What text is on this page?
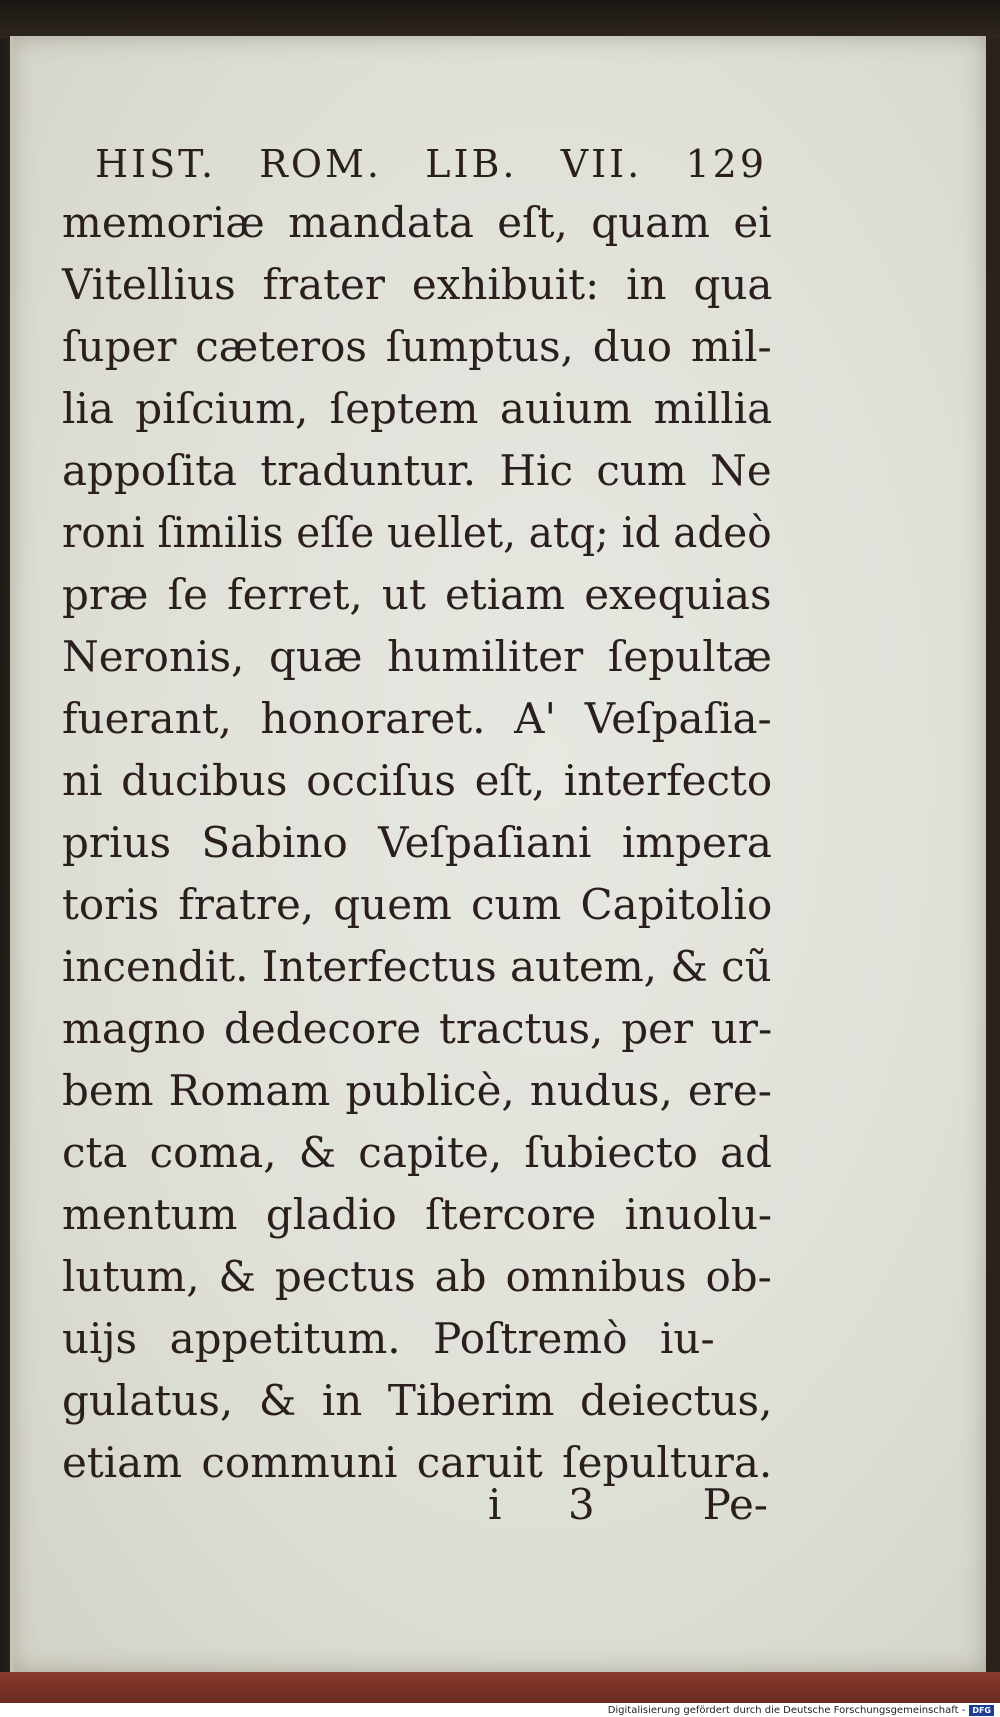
HIST. ROM. LIB. VII. 129
memoriæ mandata eſt, quam ei
Vitellius frater exhibuit: in qua
ſuper cæteros ſumptus, duo mil-
lia piſcium, ſeptem auium millia
appoſita traduntur. Hic cum Ne
roni ſimilis eſſe uellet, atq; id adeò
præ ſe ferret, ut etiam exequias
Neronis, quæ humiliter ſepultæ
fuerant, honoraret. A' Veſpaſia-
ni ducibus occiſus eſt, interfecto
prius Sabino Veſpaſiani impera
toris fratre, quem cum Capitolio
incendit. Interfectus autem, & cũ
magno dedecore tractus, per ur-
bem Romam publicè, nudus, ere-
cta coma, & capite, ſubiecto ad
mentum gladio ſtercore inuolu-
lutum, & pectus ab omnibus ob-
uijs appetitum. Poſtremò iu-
gulatus, & in Tiberim deiectus,
etiam communi caruit ſepultura.
i	3	Pe-
Digitalisierung gefördert durch die Deutsche Forschungsgemeinschaft - DFG
